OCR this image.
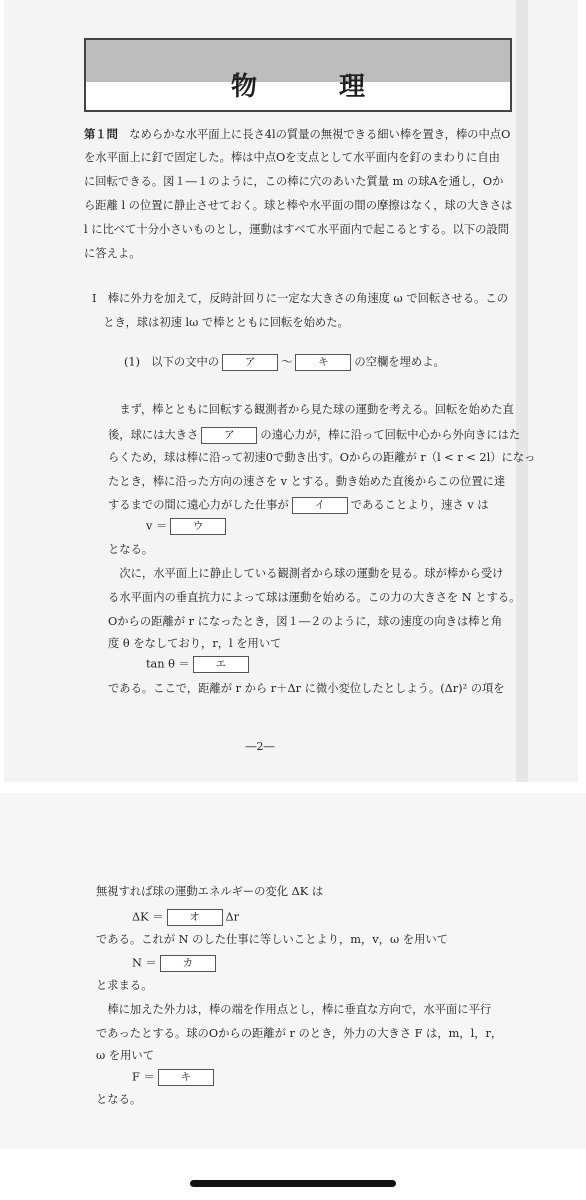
物　理
第１問　 なめらかな水平面上に長さ4lの質量の無視できる細い棒を置き，棒の中点O
を水平面上に釘で固定した。棒は中点Oを支点として水平面内を釘のまわりに自由
に回転できる。図１―１のように，この棒に穴のあいた質量 m の球Aを通し，Oか
ら距離 l の位置に静止させておく。球と棒や水平面の間の摩擦はなく，球の大きさは
l に比べて十分小さいものとし，運動はすべて水平面内で起こるとする。以下の設問
に答えよ。
Ⅰ　棒に外力を加えて，反時計回りに一定な大きさの角速度 ω で回転させる。この
　とき，球は初速 lω で棒とともに回転を始めた。
(1)　以下の文中の ア 〜 キ の空欄を埋めよ。
　まず，棒とともに回転する観測者から見た球の運動を考える。回転を始めた直
後，球には大きさ ア の遠心力が，棒に沿って回転中心から外向きにはた
らくため，球は棒に沿って初速0で動き出す。Oからの距離が r（l < r < 2l）になっ
たとき，棒に沿った方向の速さを v とする。動き始めた直後からこの位置に達
するまでの間に遠心力がした仕事が イ であることより，速さ v は
v ＝ ウ
となる。
　次に，水平面上に静止している観測者から球の運動を見る。球が棒から受け
る水平面内の垂直抗力によって球は運動を始める。この力の大きさを N とする。
Oからの距離が r になったとき，図１―２のように，球の速度の向きは棒と角
度 θ をなしており，r，l を用いて
tan θ ＝ エ
である。ここで，距離が r から r＋Δr に微小変位したとしよう。(Δr)² の項を
―2―
無視すれば球の運動エネルギーの変化 ΔK は
ΔK ＝ オ Δr
である。これが N のした仕事に等しいことより，m，v，ω を用いて
N ＝ カ
と求まる。
　棒に加えた外力は，棒の端を作用点とし，棒に垂直な方向で，水平面に平行
であったとする。球のOからの距離が r のとき，外力の大きさ F は，m，l，r，
ω を用いて
F ＝ キ
となる。
